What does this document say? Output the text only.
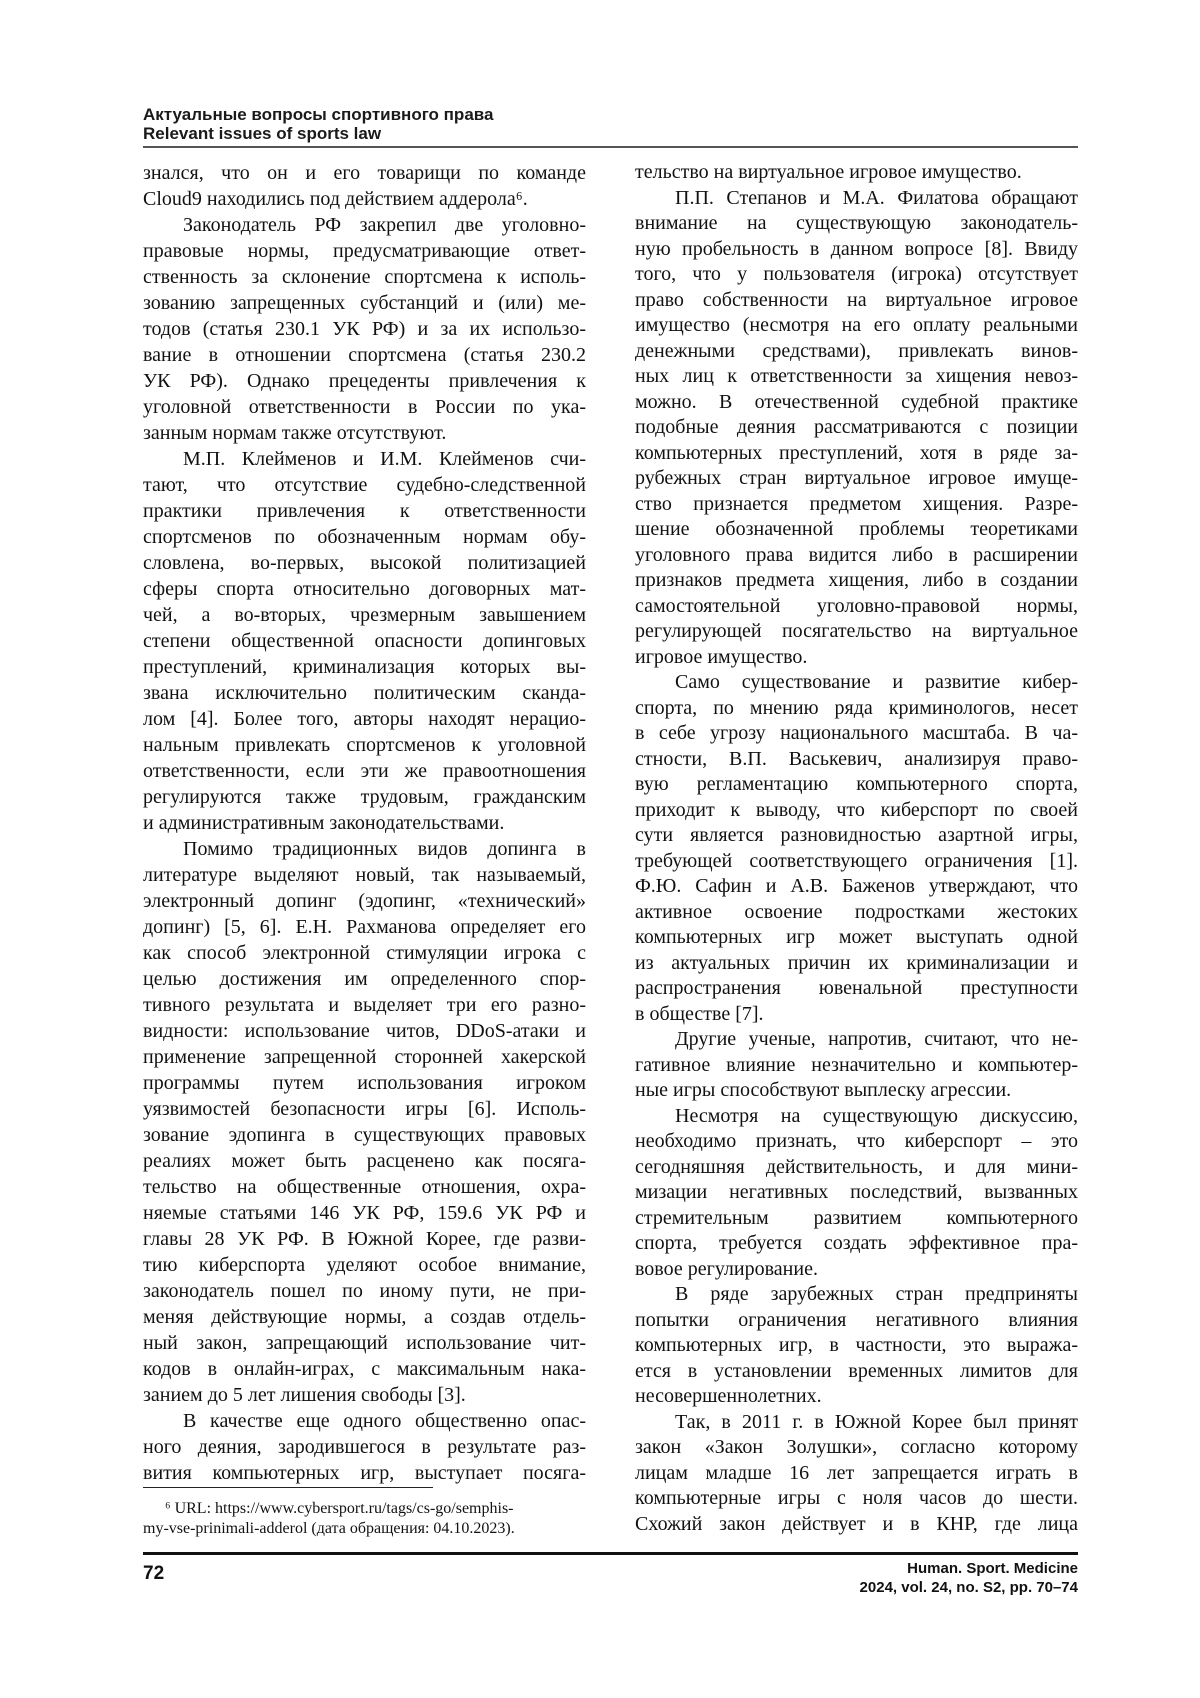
Актуальные вопросы спортивного права
Relevant issues of sports law
знался, что он и его товарищи по команде
Cloud9 находились под действием аддерола⁶.
Законодатель РФ закрепил две уголовно-
правовые нормы, предусматривающие ответ-
ственность за склонение спортсмена к исполь-
зованию запрещенных субстанций и (или) ме-
тодов (статья 230.1 УК РФ) и за их использо-
вание в отношении спортсмена (статья 230.2
УК РФ). Однако прецеденты привлечения к
уголовной ответственности в России по ука-
занным нормам также отсутствуют.
М.П. Клейменов и И.М. Клейменов счи-
тают, что отсутствие судебно-следственной
практики привлечения к ответственности
спортсменов по обозначенным нормам обу-
словлена, во-первых, высокой политизацией
сферы спорта относительно договорных мат-
чей, а во-вторых, чрезмерным завышением
степени общественной опасности допинговых
преступлений, криминализация которых вы-
звана исключительно политическим сканда-
лом [4]. Более того, авторы находят нерацио-
нальным привлекать спортсменов к уголовной
ответственности, если эти же правоотношения
регулируются также трудовым, гражданским
и административным законодательствами.
Помимо традиционных видов допинга в
литературе выделяют новый, так называемый,
электронный допинг (эдопинг, «технический»
допинг) [5, 6]. Е.Н. Рахманова определяет его
как способ электронной стимуляции игрока с
целью достижения им определенного спор-
тивного результата и выделяет три его разно-
видности: использование читов, DDoS-атаки и
применение запрещенной сторонней хакерской
программы путем использования игроком
уязвимостей безопасности игры [6]. Исполь-
зование эдопинга в существующих правовых
реалиях может быть расценено как посяга-
тельство на общественные отношения, охра-
няемые статьями 146 УК РФ, 159.6 УК РФ и
главы 28 УК РФ. В Южной Корее, где разви-
тию киберспорта уделяют особое внимание,
законодатель пошел по иному пути, не при-
меняя действующие нормы, а создав отдель-
ный закон, запрещающий использование чит-
кодов в онлайн-играх, с максимальным нака-
занием до 5 лет лишения свободы [3].
В качестве еще одного общественно опас-
ного деяния, зародившегося в результате раз-
вития компьютерных игр, выступает посяга-
тельство на виртуальное игровое имущество.
П.П. Степанов и М.А. Филатова обращают
внимание на существующую законодатель-
ную пробельность в данном вопросе [8]. Ввиду
того, что у пользователя (игрока) отсутствует
право собственности на виртуальное игровое
имущество (несмотря на его оплату реальными
денежными средствами), привлекать винов-
ных лиц к ответственности за хищения невоз-
можно. В отечественной судебной практике
подобные деяния рассматриваются с позиции
компьютерных преступлений, хотя в ряде за-
рубежных стран виртуальное игровое имуще-
ство признается предметом хищения. Разре-
шение обозначенной проблемы теоретиками
уголовного права видится либо в расширении
признаков предмета хищения, либо в создании
самостоятельной уголовно-правовой нормы,
регулирующей посягательство на виртуальное
игровое имущество.
Само существование и развитие кибер-
спорта, по мнению ряда криминологов, несет
в себе угрозу национального масштаба. В ча-
стности, В.П. Васькевич, анализируя право-
вую регламентацию компьютерного спорта,
приходит к выводу, что киберспорт по своей
сути является разновидностью азартной игры,
требующей соответствующего ограничения [1].
Ф.Ю. Сафин и А.В. Баженов утверждают, что
активное освоение подростками жестоких
компьютерных игр может выступать одной
из актуальных причин их криминализации и
распространения ювенальной преступности
в обществе [7].
Другие ученые, напротив, считают, что не-
гативное влияние незначительно и компьютер-
ные игры способствуют выплеску агрессии.
Несмотря на существующую дискуссию,
необходимо признать, что киберспорт – это
сегодняшняя действительность, и для мини-
мизации негативных последствий, вызванных
стремительным развитием компьютерного
спорта, требуется создать эффективное пра-
вовое регулирование.
В ряде зарубежных стран предприняты
попытки ограничения негативного влияния
компьютерных игр, в частности, это выража-
ется в установлении временных лимитов для
несовершеннолетних.
Так, в 2011 г. в Южной Корее был принят
закон «Закон Золушки», согласно которому
лицам младше 16 лет запрещается играть в
компьютерные игры с ноля часов до шести.
Схожий закон действует и в КНР, где лица
⁶ URL: https://www.cybersport.ru/tags/cs-go/semphis-
my-vse-prinimali-adderol (дата обращения: 04.10.2023).
72	Human. Sport. Medicine
2024, vol. 24, no. S2, pp. 70–74
